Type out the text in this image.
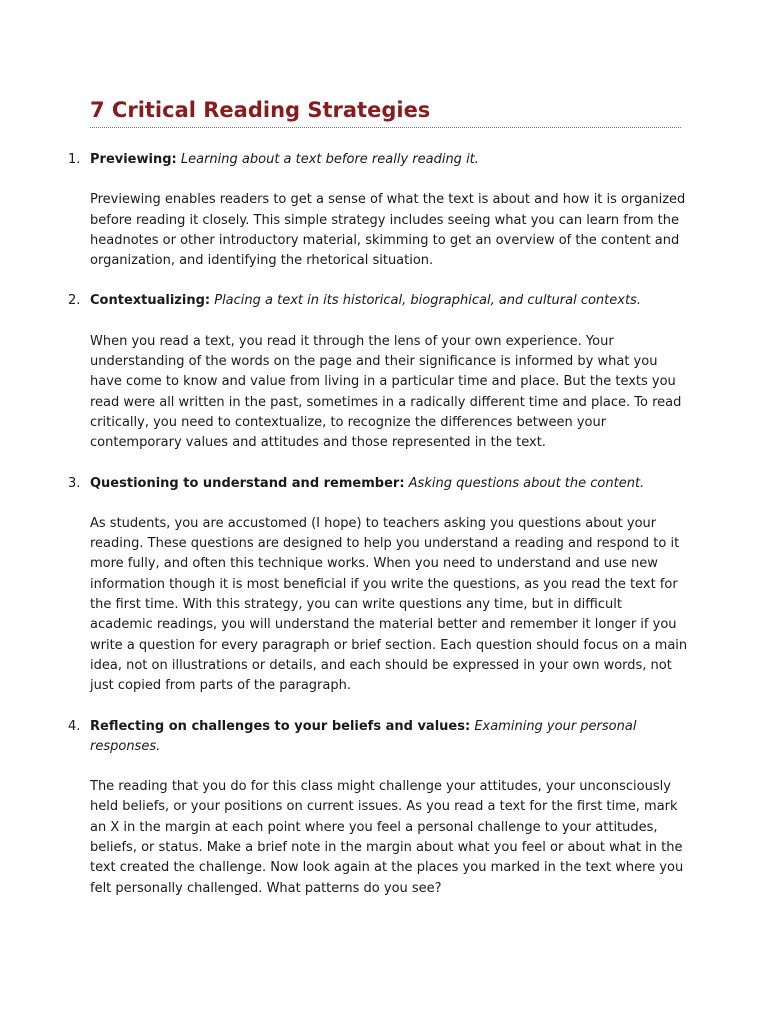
7 Critical Reading Strategies
1. Previewing: Learning about a text before really reading it.

Previewing enables readers to get a sense of what the text is about and how it is organized before reading it closely. This simple strategy includes seeing what you can learn from the headnotes or other introductory material, skimming to get an overview of the content and organization, and identifying the rhetorical situation.

2. Contextualizing: Placing a text in its historical, biographical, and cultural contexts.

When you read a text, you read it through the lens of your own experience. Your understanding of the words on the page and their significance is informed by what you have come to know and value from living in a particular time and place. But the texts you read were all written in the past, sometimes in a radically different time and place. To read critically, you need to contextualize, to recognize the differences between your contemporary values and attitudes and those represented in the text.

3. Questioning to understand and remember: Asking questions about the content.

As students, you are accustomed (I hope) to teachers asking you questions about your reading. These questions are designed to help you understand a reading and respond to it more fully, and often this technique works. When you need to understand and use new information though it is most beneficial if you write the questions, as you read the text for the first time. With this strategy, you can write questions any time, but in difficult academic readings, you will understand the material better and remember it longer if you write a question for every paragraph or brief section. Each question should focus on a main idea, not on illustrations or details, and each should be expressed in your own words, not just copied from parts of the paragraph.

4. Reflecting on challenges to your beliefs and values: Examining your personal responses.

The reading that you do for this class might challenge your attitudes, your unconsciously held beliefs, or your positions on current issues. As you read a text for the first time, mark an X in the margin at each point where you feel a personal challenge to your attitudes, beliefs, or status. Make a brief note in the margin about what you feel or about what in the text created the challenge. Now look again at the places you marked in the text where you felt personally challenged. What patterns do you see?
